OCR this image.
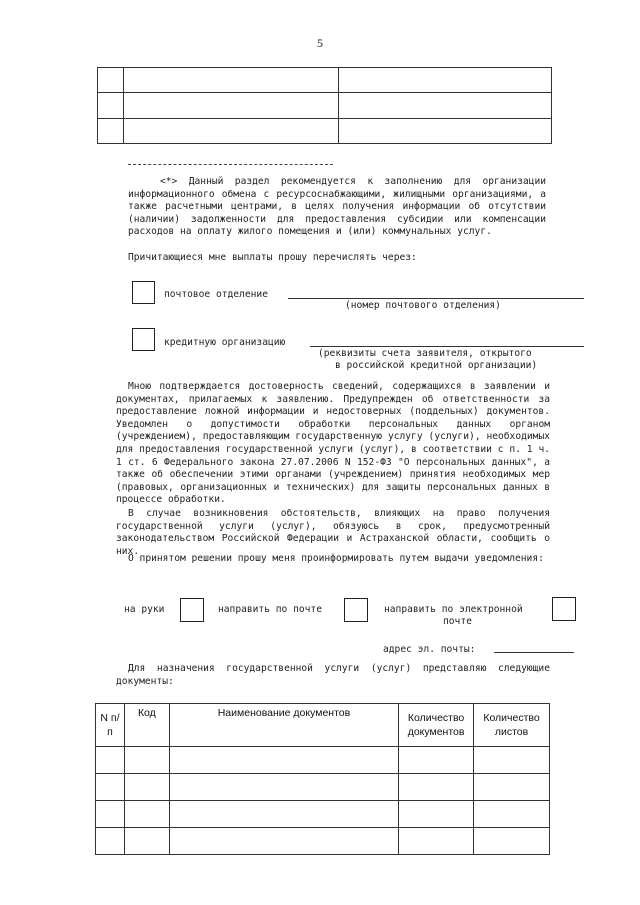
5

<*> Данный раздел рекомендуется к заполнению для организации информационного обмена с ресурсоснабжающими, жилищными организациями, а также расчетными центрами, в целях получения информации об отсутствии (наличии) задолженности для предоставления субсидии или компенсации расходов на оплату жилого помещения и (или) коммунальных услуг.
Причитающиеся мне выплаты прошу перечислять через:
почтовое отделение
(номер почтового отделения)
кредитную организацию
(реквизиты счета заявителя, открытого
в российской кредитной организации)
Мною подтверждается достоверность сведений, содержащихся в заявлении и документах, прилагаемых к заявлению. Предупрежден об ответственности за предоставление ложной информации и недостоверных (поддельных) документов. Уведомлен о допустимости обработки персональных данных органом (учреждением), предоставляющим государственную услугу (услуги), необходимых для предоставления государственной услуги (услуг), в соответствии с п. 1 ч. 1 ст. 6 Федерального закона 27.07.2006 N 152-ФЗ "О персональных данных", а также об обеспечении этими органами (учреждением) принятия необходимых мер (правовых, организационных и технических) для защиты персональных данных в процессе обработки.
В случае возникновения обстоятельств, влияющих на право получения государственной услуги (услуг), обязуюсь в срок, предусмотренный законодательством Российской Федерации и Астраханской области, сообщить о них.
О принятом решении прошу меня проинформировать путем выдачи уведомления:
на руки	направить по почте	направить по электронной
почте
адрес эл. почты:
Для назначения государственной услуги (услуг) представляю следующие документы:
N п/п	Код	Наименование документов	Количество документов	Количество листов
